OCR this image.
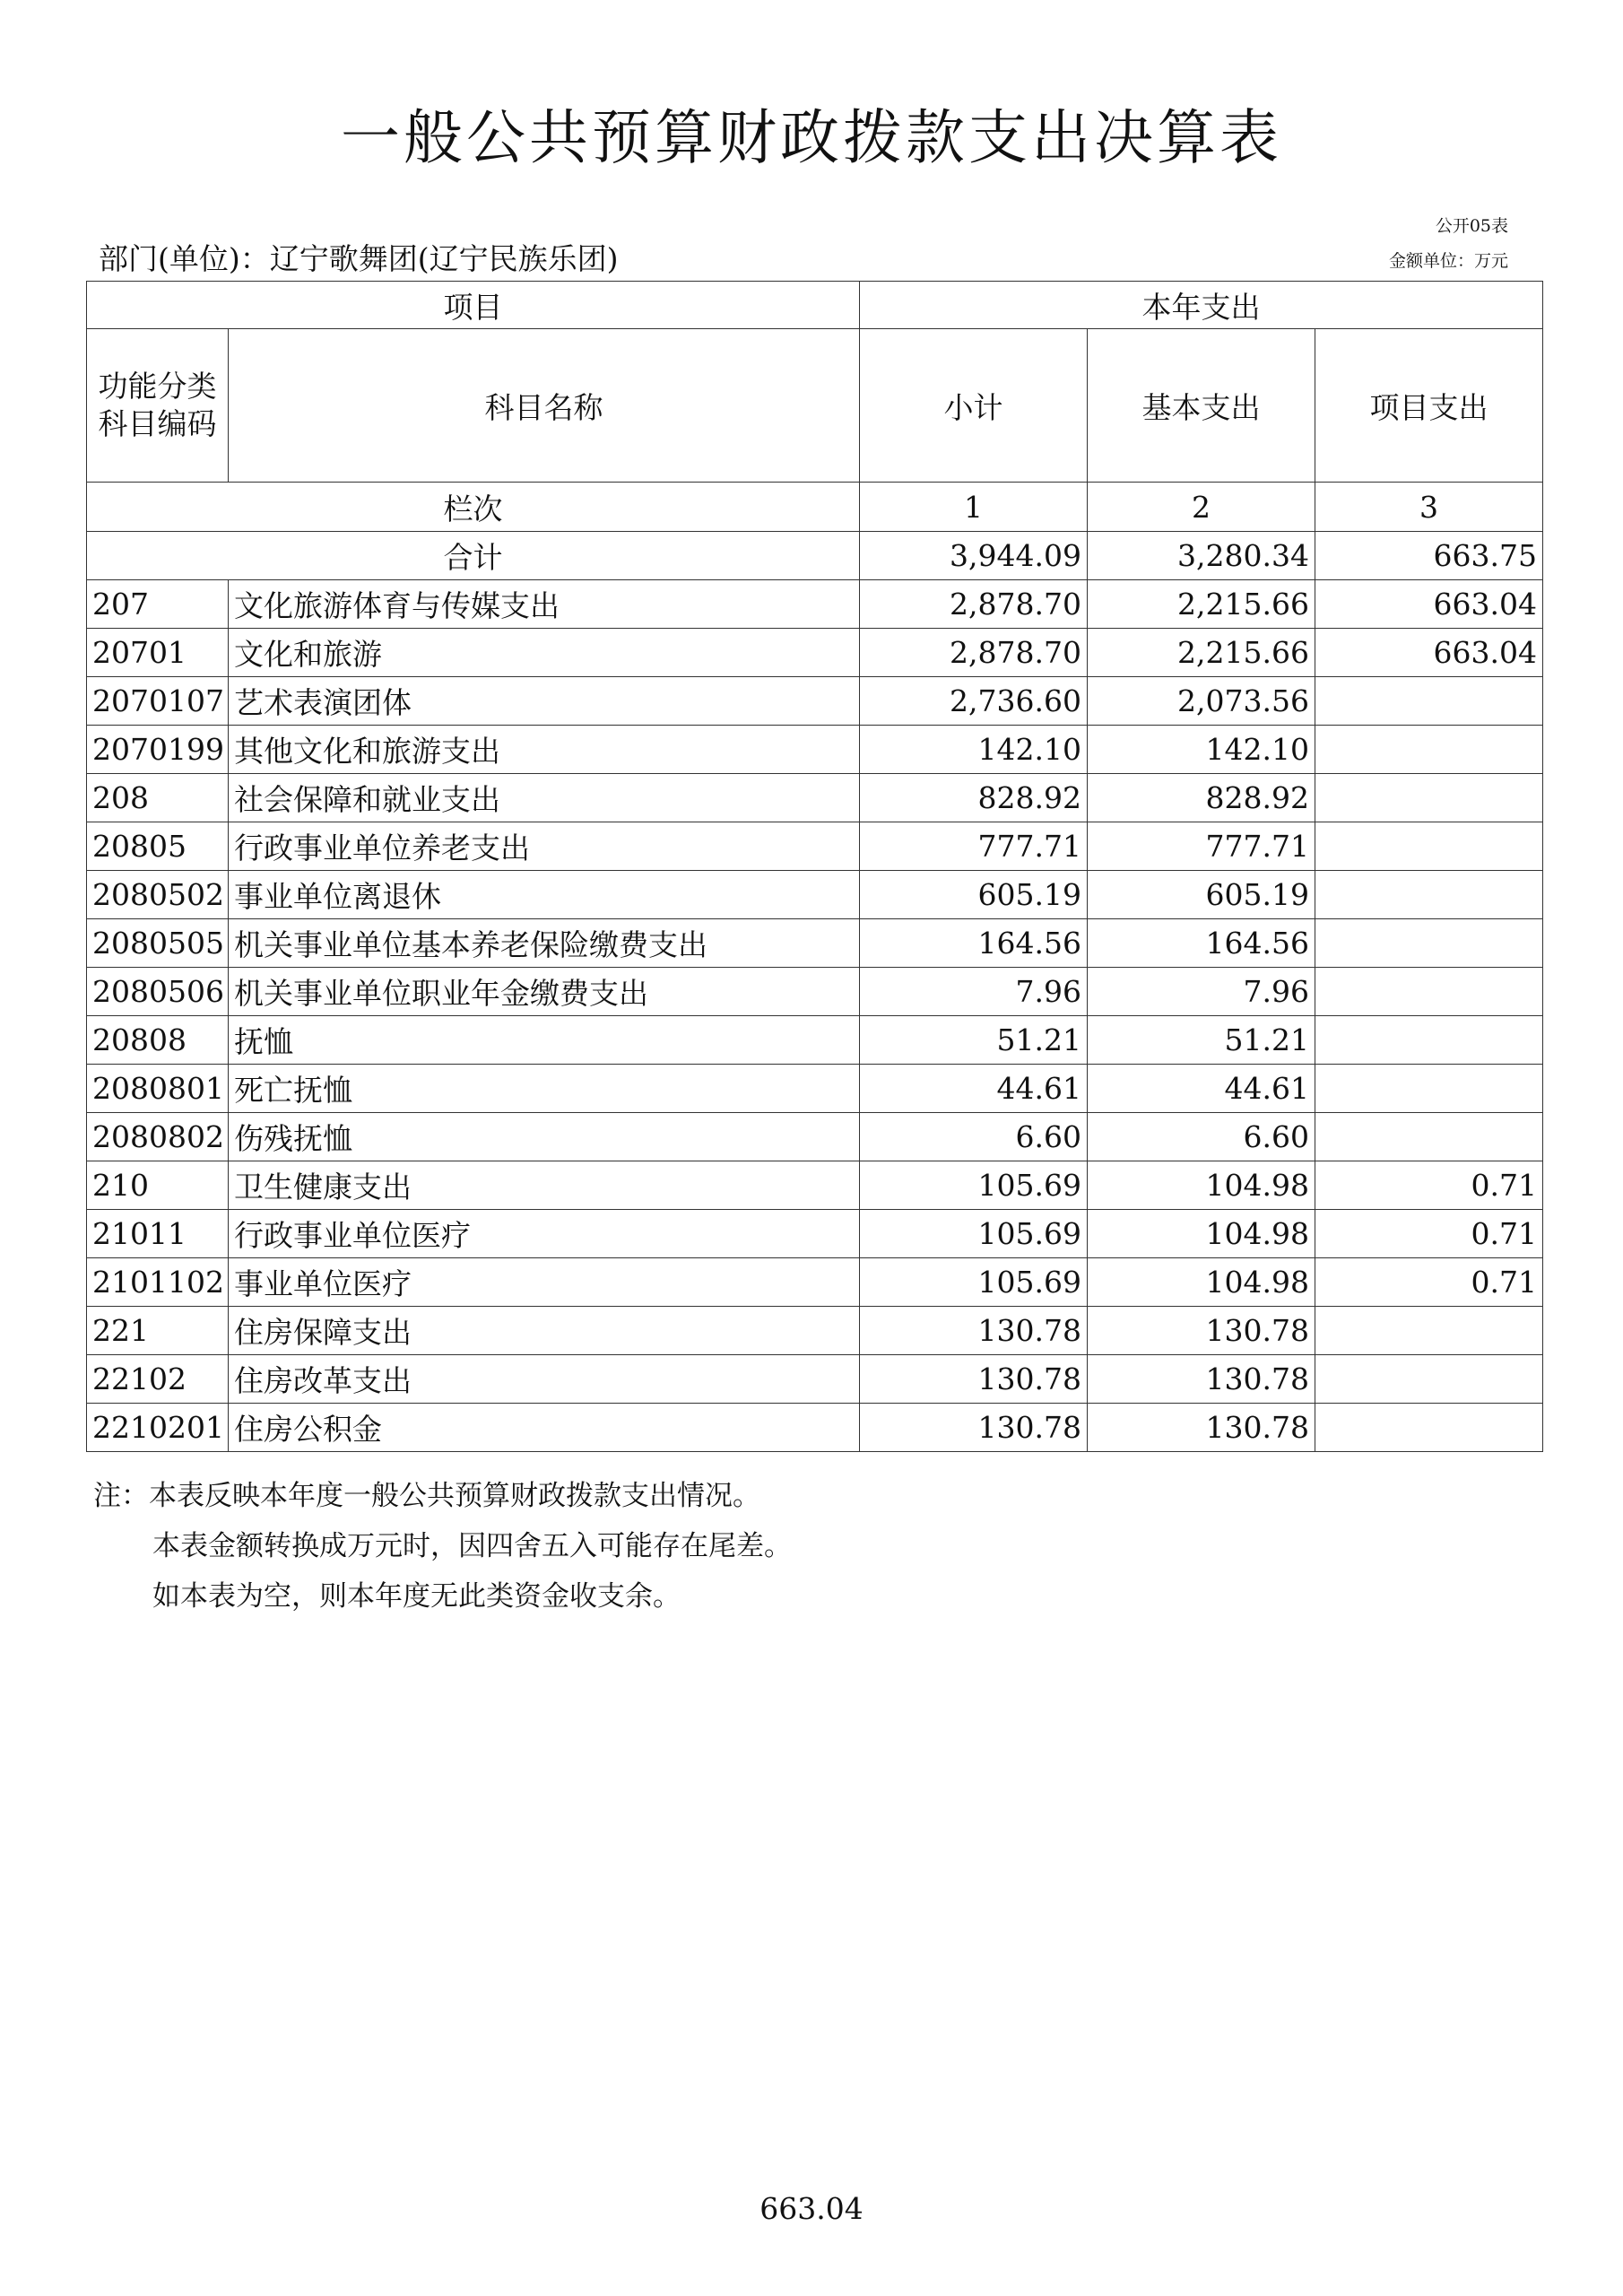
一般公共预算财政拨款支出决算表
公开05表
部门(单位)：辽宁歌舞团(辽宁民族乐团)	金额单位：万元
项目		本年支出		
功能分类科目编码	科目名称	小计	基本支出	项目支出
栏次		1	2	3
合计		3,944.09	3,280.34	663.75
207	文化旅游体育与传媒支出	2,878.70	2,215.66	663.04
20701	文化和旅游	2,878.70	2,215.66	663.04
2070107	艺术表演团体	2,736.60	2,073.56	
2070199	其他文化和旅游支出	142.10	142.10	
208	社会保障和就业支出	828.92	828.92	
20805	行政事业单位养老支出	777.71	777.71	
2080502	事业单位离退休	605.19	605.19	
2080505	机关事业单位基本养老保险缴费支出	164.56	164.56	
2080506	机关事业单位职业年金缴费支出	7.96	7.96	
20808	抚恤	51.21	51.21	
2080801	死亡抚恤	44.61	44.61	
2080802	伤残抚恤	6.60	6.60	
210	卫生健康支出	105.69	104.98	0.71
21011	行政事业单位医疗	105.69	104.98	0.71
2101102	事业单位医疗	105.69	104.98	0.71
221	住房保障支出	130.78	130.78	
22102	住房改革支出	130.78	130.78	
2210201	住房公积金	130.78	130.78	
注：本表反映本年度一般公共预算财政拨款支出情况。
本表金额转换成万元时，因四舍五入可能存在尾差。
如本表为空，则本年度无此类资金收支余。
663.04
